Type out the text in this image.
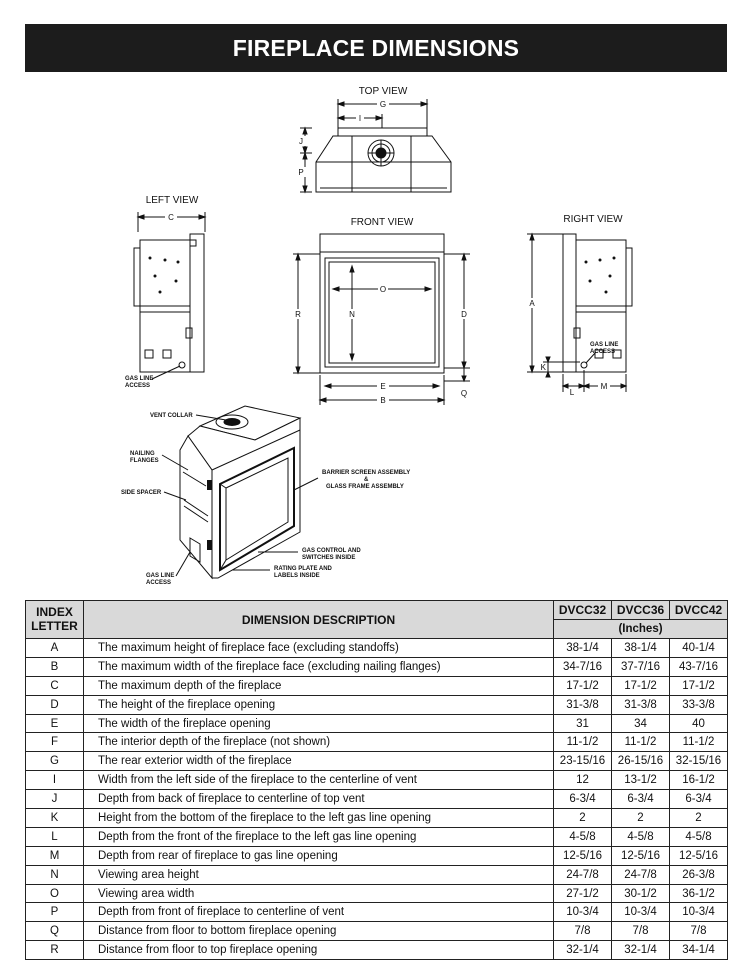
FIREPLACE DIMENSIONS
TOP VIEW
G
I
J
P
LEFT VIEW
C
GAS LINE
ACCESS
FRONT VIEW
O
N
R	D
Q
E
B
RIGHT VIEW
GAS LINE
ACCESS
A
K
L
M
VENT COLLAR
NAILING
FLANGES
SIDE SPACER
GAS LINE
ACCESS
BARRIER SCREEN ASSEMBLY
&
GLASS FRAME ASSEMBLY
GAS CONTROL AND
SWITCHES INSIDE
RATING PLATE AND
LABELS INSIDE
INDEX
LETTER	DIMENSION DESCRIPTION	DVCC32	DVCC36	DVCC42
		(Inches)		
A	The maximum height of fireplace face (excluding standoffs)	38-1/4	38-1/4	40-1/4
B	The maximum width of the fireplace face (excluding nailing flanges)	34-7/16	37-7/16	43-7/16
C	The maximum depth of the fireplace	17-1/2	17-1/2	17-1/2
D	The height of the fireplace opening	31-3/8	31-3/8	33-3/8
E	The width of the fireplace opening	31	34	40
F	The interior depth of the fireplace (not shown)	11-1/2	11-1/2	11-1/2
G	The rear exterior width of the fireplace	23-15/16	26-15/16	32-15/16
I	Width from the left side of the fireplace to the centerline of vent	12	13-1/2	16-1/2
J	Depth from back of fireplace to centerline of top vent	6-3/4	6-3/4	6-3/4
K	Height from the bottom of the fireplace to the left gas line opening	2	2	2
L	Depth from the front of the fireplace to the left gas line opening	4-5/8	4-5/8	4-5/8
M	Depth from rear of fireplace to gas line opening	12-5/16	12-5/16	12-5/16
N	Viewing area height	24-7/8	24-7/8	26-3/8
O	Viewing area width	27-1/2	30-1/2	36-1/2
P	Depth from front of fireplace to centerline of vent	10-3/4	10-3/4	10-3/4
Q	Distance from floor to bottom fireplace opening	7/8	7/8	7/8
R	Distance from floor to top fireplace opening	32-1/4	32-1/4	34-1/4
